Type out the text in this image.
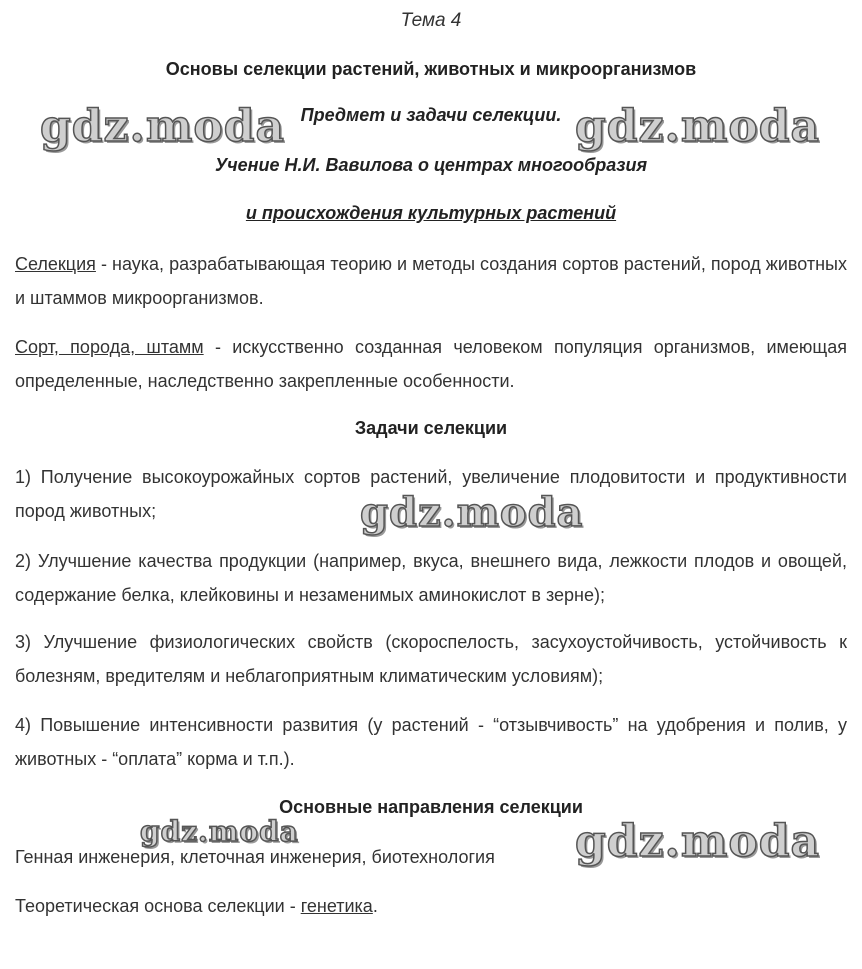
Тема 4
Основы селекции растений, животных и микроорганизмов
Предмет и задачи селекции.
Учение Н.И. Вавилова о центрах многообразия
и происхождения культурных растений
Селекция - наука, разрабатывающая теорию и методы создания сортов растений, пород животных и штаммов микроорганизмов.
Сорт, порода, штамм - искусственно созданная человеком популяция организмов, имеющая определенные, наследственно закрепленные особенности.
Задачи селекции
1) Получение высокоурожайных сортов растений, увеличение плодовитости и продуктивности пород животных;
2) Улучшение качества продукции (например, вкуса, внешнего вида, лежкости плодов и овощей, содержание белка, клейковины и незаменимых аминокислот в зерне);
3) Улучшение физиологических свойств (скороспелость, засухоустойчивость, устойчивость к болезням, вредителям и неблагоприятным климатическим условиям);
4) Повышение интенсивности развития (у растений - “отзывчивость” на удобрения и полив, у животных - “оплата” корма и т.п.).
Основные направления селекции
Генная инженерия, клеточная инженерия, биотехнология
Теоретическая основа селекции - генетика.
gdz.moda	gdz.moda
gdz.moda
gdz.moda	gdz.moda
